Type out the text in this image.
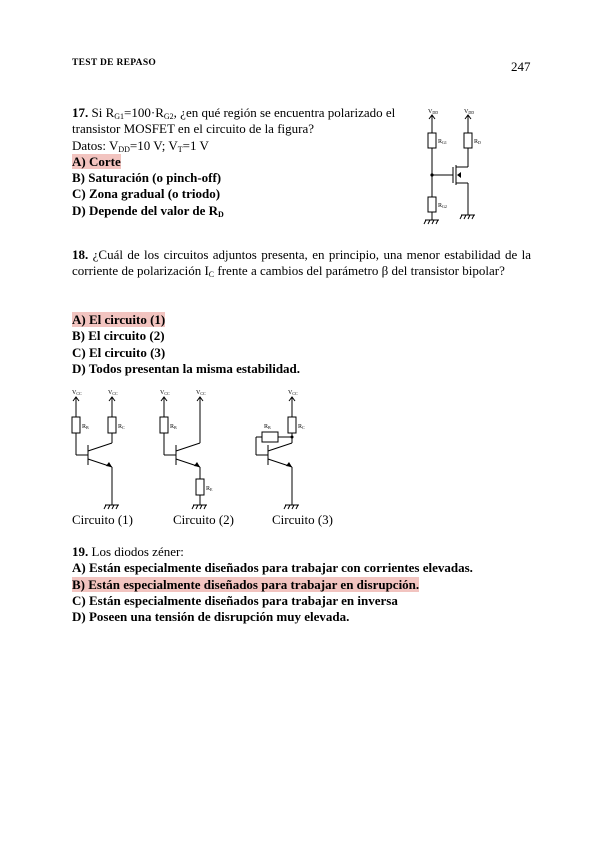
TEST DE REPASO	247
17. Si $R_{G1}=100\cdot R_{G2}$, ¿en qué región se encuentra polarizado el transistor MOSFET en el circuito de la figura?
Datos: $V_{DD}=10$ V; $V_T=1$ V
A) Corte
B) Saturación (o pinch-off)
C) Zona gradual (o triodo)
D) Depende del valor de $R_D$
VDD	VDD
RG1
RG2
RD
18. ¿Cuál de los circuitos adjuntos presenta, en principio, una menor estabilidad de la corriente de polarización $I_C$ frente a cambios del parámetro β del transistor bipolar?
A) El circuito (1)
B) El circuito (2)
C) El circuito (3)
D) Todos presentan la misma estabilidad.
VCC	VCC
RB	RC
VCC	VCC
RB
RE
VCC
RB	RC
Circuito (1)	Circuito (2)	Circuito (3)
19. Los diodos zéner:
A) Están especialmente diseñados para trabajar con corrientes elevadas.
B) Están especialmente diseñados para trabajar en disrupción.
C) Están especialmente diseñados para trabajar en inversa
D) Poseen una tensión de disrupción muy elevada.
